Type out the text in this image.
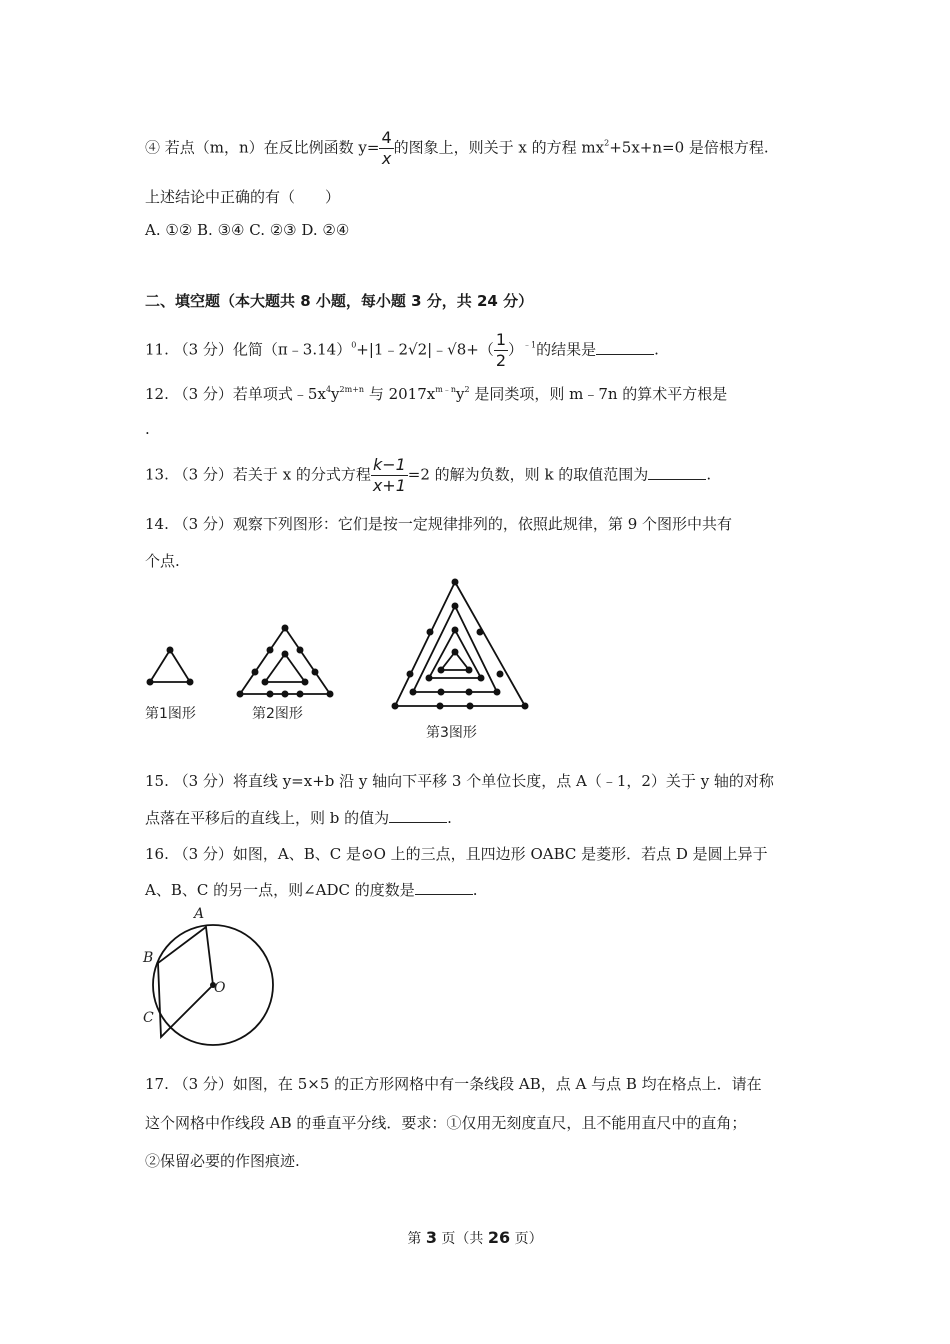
④ 若点（m，n）在反比例函数 $y= \frac{4}{x}$ 的图象上，则关于 x 的方程 $mx^2+5x+n=0$ 是倍根方程.
上述结论中正确的有（　　）
A. ①② B. ③④ C. ②③ D. ②④
二、填空题（本大题共 8 小题，每小题 3 分，共 24 分）
11. （3 分）化简（π﹣3.14）$^0$+|1﹣2√2|﹣√8+（ $\frac{1}{2} )^{﹣1}$的结果是	.
12. （3 分）若单项式$﹣5x^4y^{2m+n}$ 与 $2017x^{m﹣n}y^2$ 是同类项，则 m﹣7n 的算术平方根是
.
13. （3 分）若关于 x 的分式方程 $\frac{k-1}{x+1} =2$ 的解为负数，则 k 的取值范围为	.
14. （3 分）观察下列图形：它们是按一定规律排列的，依照此规律，第 9 个图形中共有
个点.
第1图形	第2图形
第3图形
15. （3 分）将直线 y=x+b 沿 y 轴向下平移 3 个单位长度，点 A（﹣1，2）关于 y 轴的对称
点落在平移后的直线上，则 b 的值为	.
16. （3 分）如图，A、B、C 是⊙O 上的三点，且四边形 OABC 是菱形．若点 D 是圆上异于
A、B、C 的另一点，则∠ADC 的度数是	.
A
B
C
O
17. （3 分）如图，在 5×5 的正方形网格中有一条线段 AB，点 A 与点 B 均在格点上．请在
这个网格中作线段 AB 的垂直平分线．要求：①仅用无刻度直尺，且不能用直尺中的直角；
②保留必要的作图痕迹.
第 3 页（共 26 页）
